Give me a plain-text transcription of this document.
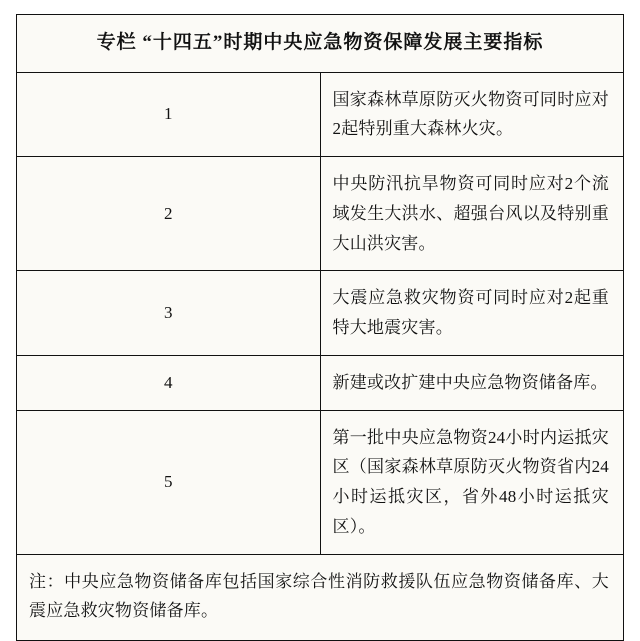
专栏 “十四五”时期中央应急物资保障发展主要指标	
1	国家森林草原防灭火物资可同时应对2起特别重大森林火灾。
2	中央防汛抗旱物资可同时应对2个流域发生大洪水、超强台风以及特别重大山洪灾害。
3	大震应急救灾物资可同时应对2起重特大地震灾害。
4	新建或改扩建中央应急物资储备库。
5	第一批中央应急物资24小时内运抵灾区（国家森林草原防灭火物资省内24小时运抵灾区，省外48小时运抵灾区）。
注：中央应急物资储备库包括国家综合性消防救援队伍应急物资储备库、大震应急救灾物资储备库。	
